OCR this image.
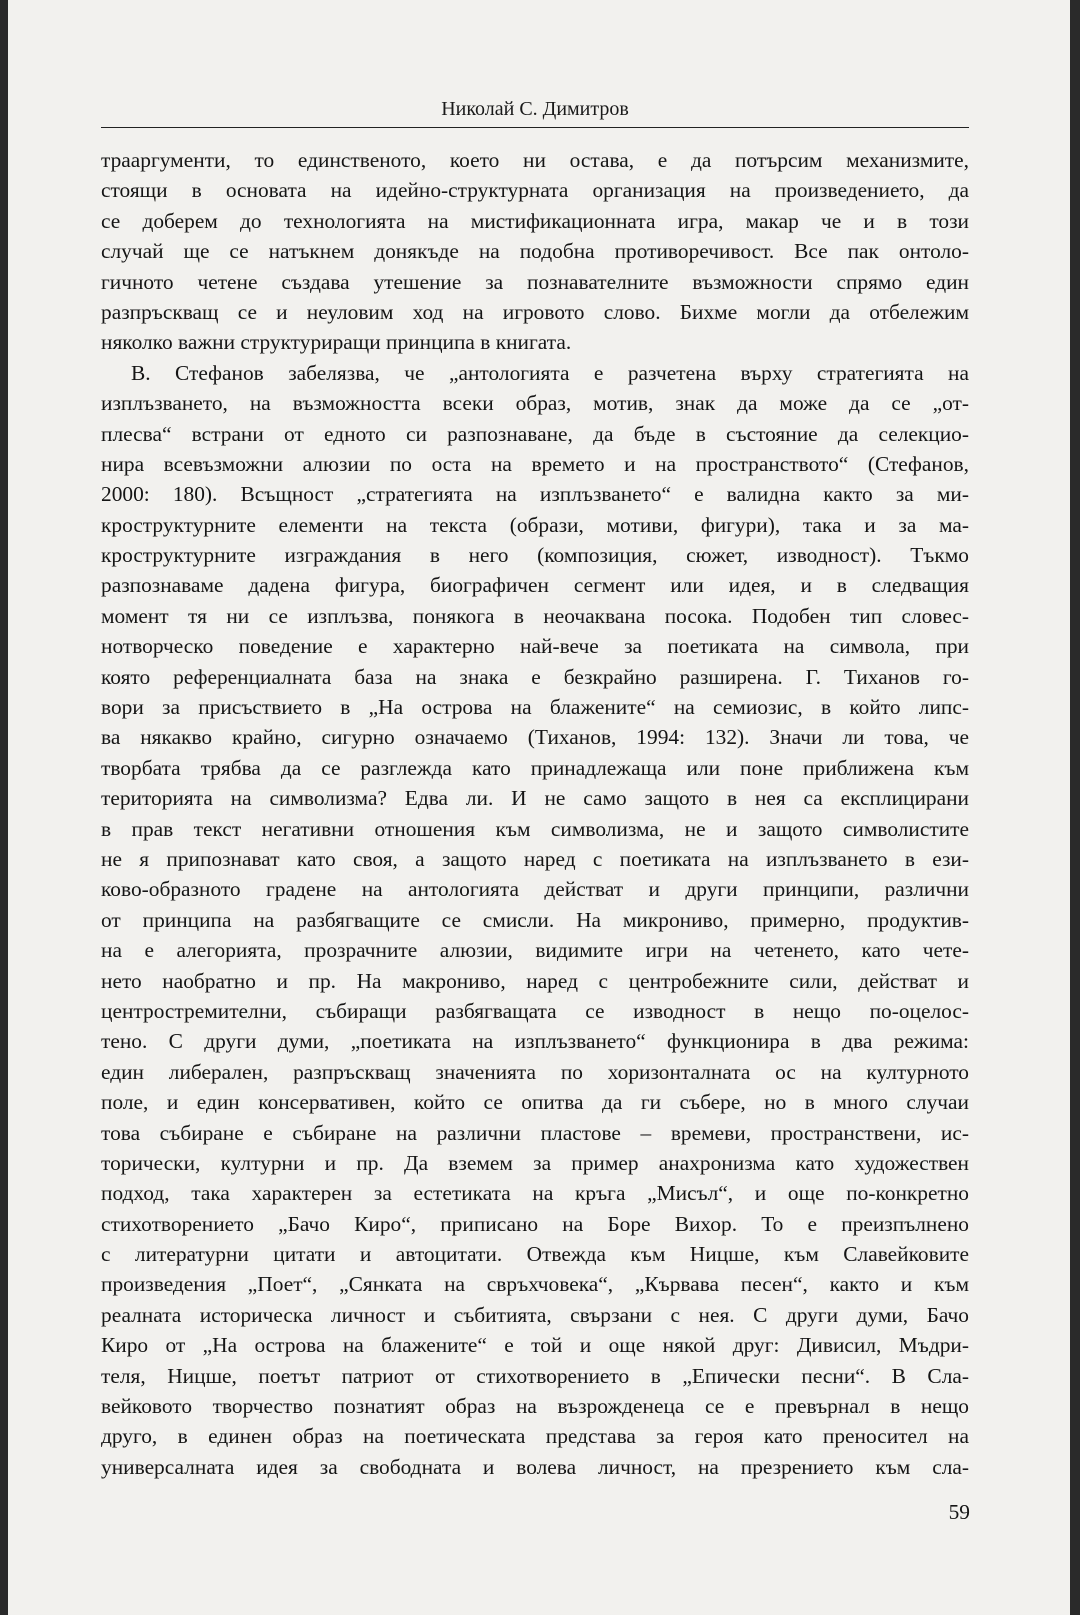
Николай С. Димитров
трааргументи, то единственото, което ни остава, е да потърсим механизмите,
стоящи в основата на идейно-структурната организация на произведението, да
се доберем до технологията на мистификационната игра, макар че и в този
случай ще се натъкнем донякъде на подобна противоречивост. Все пак онтоло-
гичното четене създава утешение за познавателните възможности спрямо един
разпръскващ се и неуловим ход на игровото слово. Бихме могли да отбележим
няколко важни структуриращи принципа в книгата.
В. Стефанов забелязва, че „антологията е разчетена върху стратегията на
изплъзването, на възможността всеки образ, мотив, знак да може да се „от-
плесва“ встрани от едното си разпознаване, да бъде в състояние да селекцио-
нира всевъзможни алюзии по оста на времето и на пространството“ (Стефанов,
2000: 180). Всъщност „стратегията на изплъзването“ е валидна както за ми-
кроструктурните елементи на текста (образи, мотиви, фигури), така и за ма-
кроструктурните изграждания в него (композиция, сюжет, изводност). Тъкмо
разпознаваме дадена фигура, биографичен сегмент или идея, и в следващия
момент тя ни се изплъзва, понякога в неочаквана посока. Подобен тип словес-
нотворческо поведение е характерно най-вече за поетиката на символа, при
която референциалната база на знака е безкрайно разширена. Г. Тиханов го-
вори за присъствието в „На острова на блажените“ на семиозис, в който липс-
ва някакво крайно, сигурно означаемо (Тиханов, 1994: 132). Значи ли това, че
творбата трябва да се разглежда като принадлежаща или поне приближена към
територията на символизма? Едва ли. И не само защото в нея са експлицирани
в прав текст негативни отношения към символизма, не и защото символистите
не я припознават като своя, а защото наред с поетиката на изплъзването в ези-
ково-образното градене на антологията действат и други принципи, различни
от принципа на разбягващите се смисли. На микрониво, примерно, продуктив-
на е алегорията, прозрачните алюзии, видимите игри на четенето, като чете-
нето наобратно и пр. На макрониво, наред с центробежните сили, действат и
центростремителни, събиращи разбягващата се изводност в нещо по-оцелос-
тено. С други думи, „поетиката на изплъзването“ функционира в два режима:
един либерален, разпръскващ значенията по хоризонталната ос на културното
поле, и един консервативен, който се опитва да ги събере, но в много случаи
това събиране е събиране на различни пластове – времеви, пространствени, ис-
торически, културни и пр. Да вземем за пример анахронизма като художествен
подход, така характерен за естетиката на кръга „Мисъл“, и още по-конкретно
стихотворението „Бачо Киро“, приписано на Боре Вихор. То е преизпълнено
с литературни цитати и автоцитати. Отвежда към Ницше, към Славейковите
произведения „Поет“, „Сянката на свръхчовека“, „Кървава песен“, както и към
реалната историческа личност и събитията, свързани с нея. С други думи, Бачо
Киро от „На острова на блажените“ е той и още някой друг: Дивисил, Мъдри-
теля, Ницше, поетът патриот от стихотворението в „Епически песни“. В Сла-
вейковото творчество познатият образ на възрожденеца се е превърнал в нещо
друго, в единен образ на поетическата представа за героя като преносител на
универсалната идея за свободната и волева личност, на презрението към сла-
59
